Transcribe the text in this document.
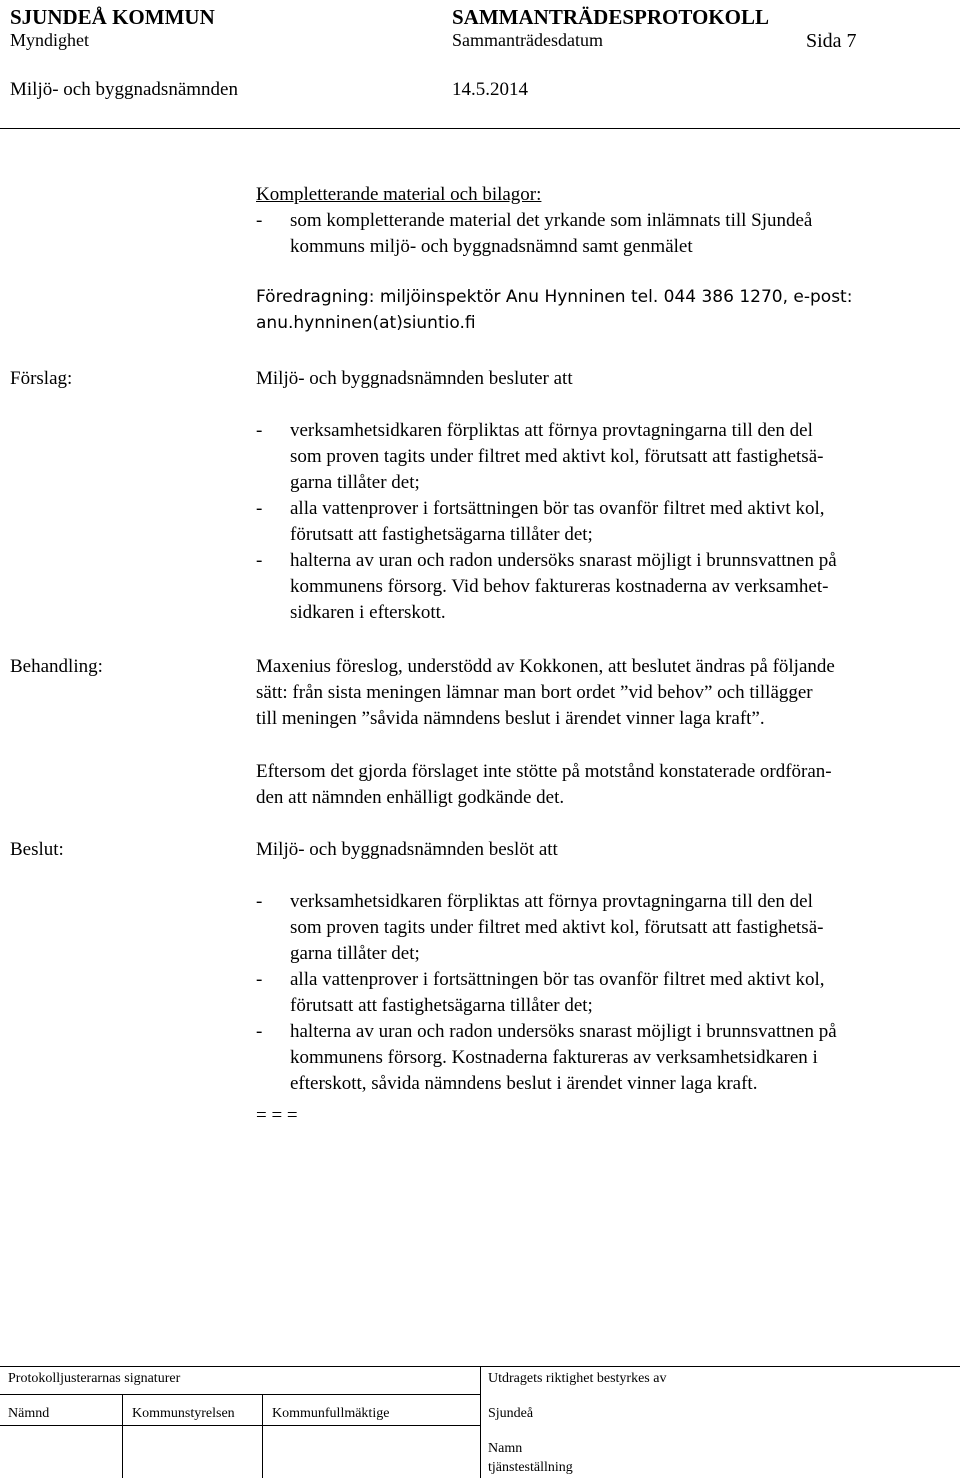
SJUNDEÅ KOMMUN	SAMMANTRÄDESPROTOKOLL
Myndighet	Sammanträdesdatum	Sida 7
Miljö- och byggnadsnämnden	14.5.2014
Kompletterande material och bilagor:
- som kompletterande material det yrkande som inlämnats till Sjundeå
kommuns miljö- och byggnadsnämnd samt genmälet
Föredragning: miljöinspektör Anu Hynninen tel. 044 386 1270, e-post:
anu.hynninen(at)siuntio.fi
Förslag:	Miljö- och byggnadsnämnden besluter att
-	verksamhetsidkaren förpliktas att förnya provtagningarna till den del
som proven tagits under filtret med aktivt kol, förutsatt att fastighetsä-
garna tillåter det;
-	alla vattenprover i fortsättningen bör tas ovanför filtret med aktivt kol,
förutsatt att fastighetsägarna tillåter det;
-	halterna av uran och radon undersöks snarast möjligt i brunnsvattnen på
kommunens försorg. Vid behov faktureras kostnaderna av verksamhet-
sidkaren i efterskott.
Behandling:	Maxenius föreslog, understödd av Kokkonen, att beslutet ändras på följande
sätt: från sista meningen lämnar man bort ordet ”vid behov” och tillägger
till meningen ”såvida nämndens beslut i ärendet vinner laga kraft”.
Eftersom det gjorda förslaget inte stötte på motstånd konstaterade ordföran-
den att nämnden enhälligt godkände det.
Beslut:	Miljö- och byggnadsnämnden beslöt att
-	verksamhetsidkaren förpliktas att förnya provtagningarna till den del
som proven tagits under filtret med aktivt kol, förutsatt att fastighetsä-
garna tillåter det;
-	alla vattenprover i fortsättningen bör tas ovanför filtret med aktivt kol,
förutsatt att fastighetsägarna tillåter det;
-	halterna av uran och radon undersöks snarast möjligt i brunnsvattnen på
kommunens försorg. Kostnaderna faktureras av verksamhetsidkaren i
efterskott, såvida nämndens beslut i ärendet vinner laga kraft.
= = =
Protokolljusterarnas signaturer	Utdragets riktighet bestyrkes av
Nämnd	Kommunstyrelsen	Kommunfullmäktige	Sjundeå
Namn
tjänsteställning
